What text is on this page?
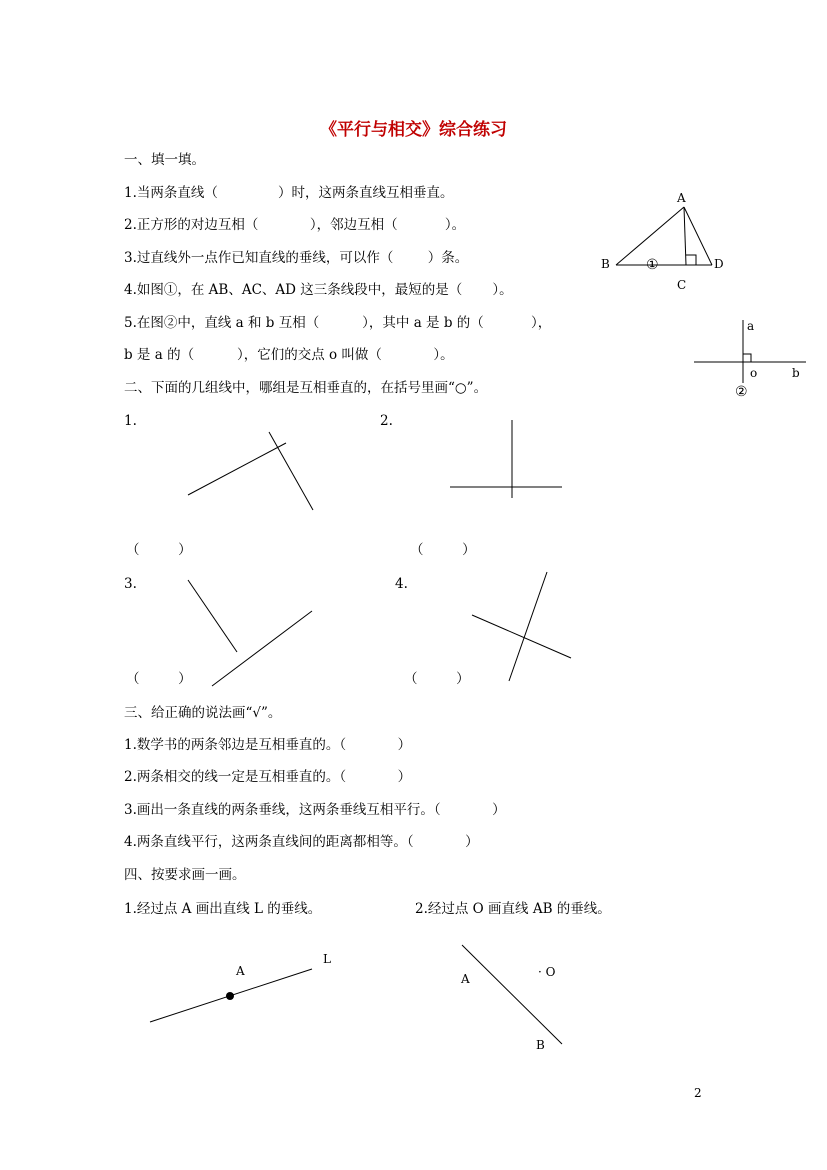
《平行与相交》综合练习
一、填一填。
1.当两条直线（              ）时，这两条直线互相垂直。
2.正方形的对边互相（            ），邻边互相（           ）。
3.过直线外一点作已知直线的垂线，可以作（        ）条。
4.如图①，在 AB、AC、AD 这三条线段中，最短的是（       ）。
5.在图②中，直线 a 和 b 互相（          ），其中 a 是 b 的（           ），
b 是 a 的（          ），它们的交点 o 叫做（            ）。
二、下面的几组线中，哪组是互相垂直的，在括号里画“○”。
1.	2.
（         ）	（         ）
3.	4.
（         ）	（         ）
三、给正确的说法画“√”。
1.数学书的两条邻边是互相垂直的。（            ）
2.两条相交的线一定是互相垂直的。（            ）
3.画出一条直线的两条垂线，这两条垂线互相平行。（            ）
4.两条直线平行，这两条直线间的距离都相等。（            ）
四、按要求画一画。
1.经过点 A 画出直线 L 的垂线。	2.经过点 O 画直线 AB 的垂线。
A
B	D
C
①
a
o	b
②
A
L
A	· O
B
2
